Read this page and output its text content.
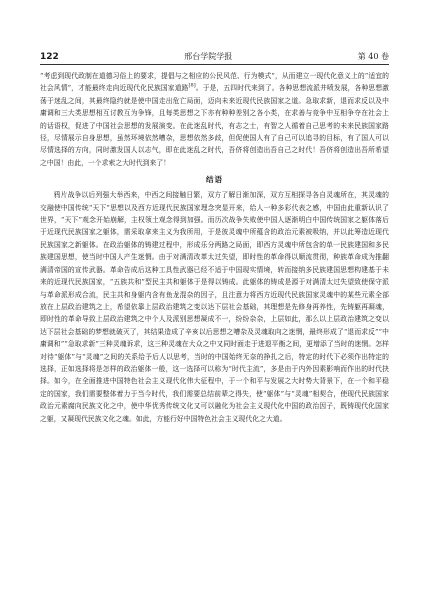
122	邢台学院学报	第 40 卷

“考虑到现代政制在道德习俗上的要求，提倡与之相应的公民风范、行为模式”，从而建立一现代化意义上的“适宜的社会风情”，才能最终走向近现代化民族国家道路[8]。于是，五四时代来到了。各种思想流派井喷发展，各种思想激荡于迷乱之间，其最终隐约就是使中国走出危亡局面，迈向未来近现代民族国家之道。急取求新，退而求反以及中庸调和三大类思想相互讨教互为争锋，且每类思想之下亦有种种差别之各小类，在求善与竞争中互相争夺在社会上的话语权，促进了中国社会思想的发展演变。在此迷乱时代，有志之士，有智之人循着自己思考的未来民族国家路径，尽情展示自身思想，虽然环境依然嘈杂，思想依然多歧，但促使国人有了自己可以追寻的目标，有了国人可以尽情选择的方向，同时激发国人以志气，即在此迷乱之时代，吾侪将创造出吾自己之时代！吾侪将创造出吾所希望之中国！由此，一个求索之大时代到来了！

结语

鸦片战争以后列强大举西来，中西之间接触日繁，双方了解日渐加深，双方互相探寻各自灵魂所在，其灵魂的交融使中国传统“天下”思想以及西方近现代民族国家理念突显开来，给人一种多彩代表之感，中国由此重新认识了世界，“天下”观念开始崩解，主权领土观念得到加强。而历次战争失败使中国人逐渐明白中国传统国家之躯体落后于近现代民族国家之躯体，需采取拿来主义为我所用，于是彼灵魂中所蕴含的政治元素被吸纳，并以此筹造近现代民族国家之新躯体。在政治躯体的铸建过程中，形成乐分两路之局面，即西方灵魂中所包含的单一民族建国和多民族建国思想，使当时中国人产生迷惘。由于对满清改革太过失望，即时性的革命得以顺流贯彻，种族革命成为推翻满清帝国的宣传武器。革命告成后这种工具性武器已经不适于中国现实情境，转而接纳多民族建国思想构建基于未来的近现代民族国家，“五族共和”型民主共和躯体于是得以铸成。此躯体的铸成是源于对满清太过失望致使保守派与革命派形成合流，民主共和身躯内含有鱼龙混杂的因子，且注意力将西方近现代民族国家灵魂中的某些元素全部放在上层政治建筑之上，希望依靠上层政治建筑之变以达下层社会基础，其理想是先修身再养性，先铸躯再凝魂，即时性的革命导致上层政治建筑之中个人及派别思想凝成不一，纷纷杂杂，上层如此，那么以上层政治建筑之变以达下层社会基础的梦想就破灭了，其结果造成了辛亥以后思想之嘈杂及灵魂取向之迷惘，最终形成了“退而求反”“中庸调和”“急取求新”三种灵魂诉求，这三种灵魂在大众之中又同时面走于进退平衡之间，更增添了当时的迷惘。怎样对待“躯体”与“灵魂”之间的关系给予后人以思考，当时的中国始终无奈的挣扎之后，特定的时代下必须作出特定的选择，正如选择将是怎样的政治躯体一般，这一选择可以称为“时代主流”，多是由于内外因素影响而作出的时代抉择。如今，在全面推进中国特色社会主义现代化伟大征程中，于一个和平与发展之大时势大背景下，在一个和平稳定的国家，我们需要整体着力于当今时代，我们需要总结前辈之得失，使“躯体”与“灵魂”相契合，使现代民族国家政治元素腐向民族文化之中，使中华优秀传统文化又可以融化为社会主义现代化中国的政治因子，既铸现代化国家之躯，又凝现代民族文化之魂。如此，方能行好中国特色社会主义现代化之大道。
